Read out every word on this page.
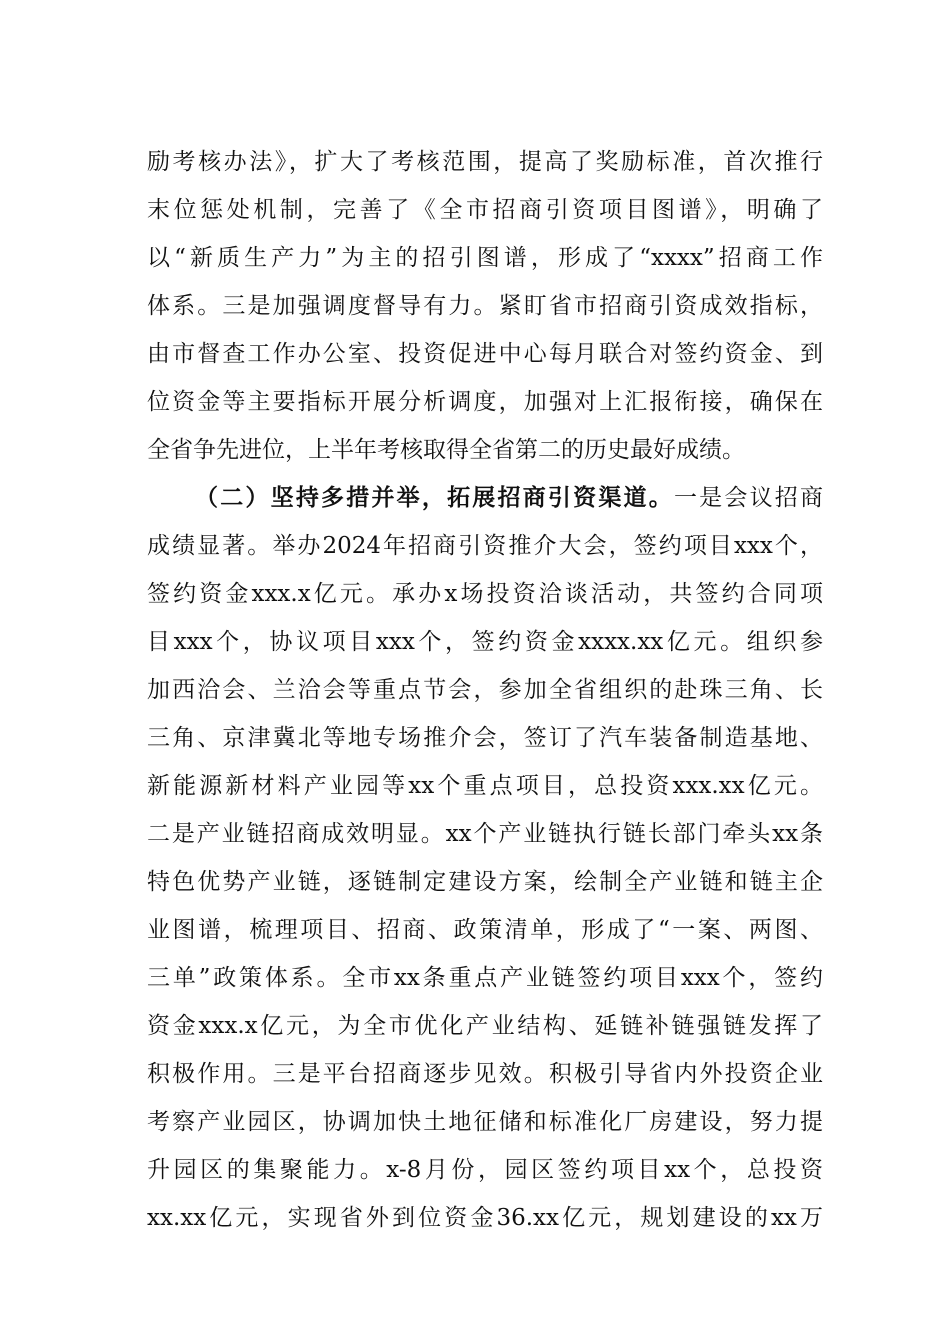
励考核办法》，扩大了考核范围，提高了奖励标准，首次推行
末位惩处机制，完善了《全市招商引资项目图谱》，明确了
以“新质生产力”为主的招引图谱，形成了“xxxx”招商工作
体系。三是加强调度督导有力。紧盯省市招商引资成效指标，
由市督查工作办公室、投资促进中心每月联合对签约资金、到
位资金等主要指标开展分析调度，加强对上汇报衔接，确保在
全省争先进位，上半年考核取得全省第二的历史最好成绩。
（二）坚持多措并举，拓展招商引资渠道。一是会议招商
成绩显著。举办2024年招商引资推介大会，签约项目xxx个，
签约资金xxx.x亿元。承办x场投资洽谈活动，共签约合同项
目xxx个，协议项目xxx个，签约资金xxxx.xx亿元。组织参
加西洽会、兰洽会等重点节会，参加全省组织的赴珠三角、长
三角、京津冀北等地专场推介会，签订了汽车装备制造基地、
新能源新材料产业园等xx个重点项目，总投资xxx.xx亿元。
二是产业链招商成效明显。xx个产业链执行链长部门牵头xx条
特色优势产业链，逐链制定建设方案，绘制全产业链和链主企
业图谱，梳理项目、招商、政策清单，形成了“一案、两图、
三单”政策体系。全市xx条重点产业链签约项目xxx个，签约
资金xxx.x亿元，为全市优化产业结构、延链补链强链发挥了
积极作用。三是平台招商逐步见效。积极引导省内外投资企业
考察产业园区，协调加快土地征储和标准化厂房建设，努力提
升园区的集聚能力。x-8月份，园区签约项目xx个，总投资
xx.xx亿元，实现省外到位资金36.xx亿元，规划建设的xx万
